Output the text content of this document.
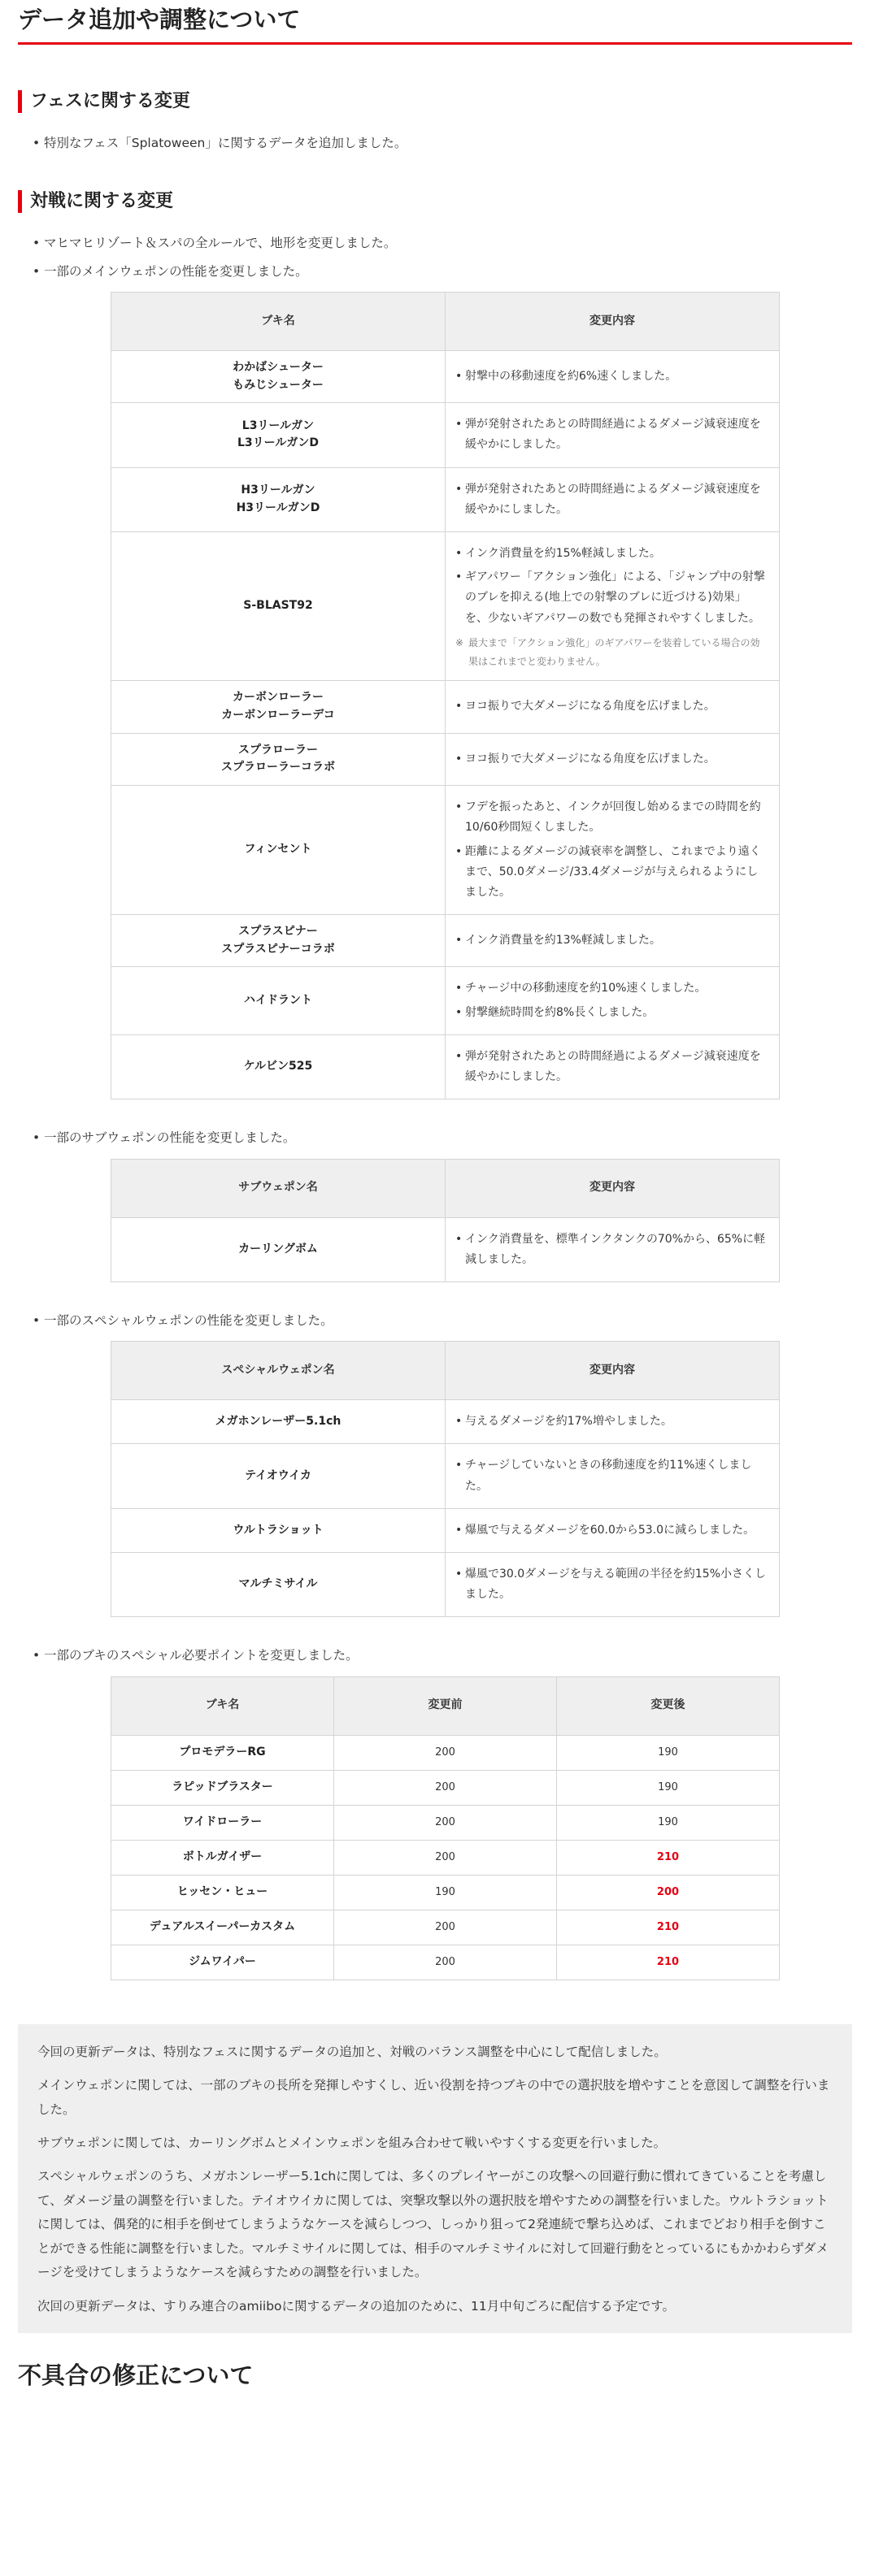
データ追加や調整について
フェスに関する変更
• 特別なフェス「Splatoween」に関するデータを追加しました。
対戦に関する変更
• マヒマヒリゾート＆スパの全ルールで、地形を変更しました。
• 一部のメインウェポンの性能を変更しました。
ブキ名	変更内容

わかばシューター
もみじシューター	• 射撃中の移動速度を約6%速くしました。

L3リールガン
L3リールガンD	• 弾が発射されたあとの時間経過によるダメージ減衰速度を緩やかにしました。

H3リールガン
H3リールガンD	• 弾が発射されたあとの時間経過によるダメージ減衰速度を緩やかにしました。

S-BLAST92	• インク消費量を約15%軽減しました。
• ギアパワー「アクション強化」による、「ジャンプ中の射撃のブレを抑える(地上での射撃のブレに近づける)効果」を、少ないギアパワーの数でも発揮されやすくしました。
※ 最大まで「アクション強化」のギアパワーを装着している場合の効果はこれまでと変わりません。

カーボンローラー
カーボンローラーデコ	• ヨコ振りで大ダメージになる角度を広げました。

スプラローラー
スプラローラーコラボ	• ヨコ振りで大ダメージになる角度を広げました。

フィンセント	• フデを振ったあと、インクが回復し始めるまでの時間を約10/60秒間短くしました。
• 距離によるダメージの減衰率を調整し、これまでより遠くまで、50.0ダメージ/33.4ダメージが与えられるようにしました。

スプラスピナー
スプラスピナーコラボ	• インク消費量を約13%軽減しました。

ハイドラント	• チャージ中の移動速度を約10%速くしました。
• 射撃継続時間を約8%長くしました。

ケルビン525	• 弾が発射されたあとの時間経過によるダメージ減衰速度を緩やかにしました。
• 一部のサブウェポンの性能を変更しました。
サブウェポン名	変更内容

カーリングボム	• インク消費量を、標準インクタンクの70%から、65%に軽減しました。
• 一部のスペシャルウェポンの性能を変更しました。
スペシャルウェポン名	変更内容

メガホンレーザー5.1ch	• 与えるダメージを約17%増やしました。

テイオウイカ	• チャージしていないときの移動速度を約11%速くしました。

ウルトラショット	• 爆風で与えるダメージを60.0から53.0に減らしました。

マルチミサイル	• 爆風で30.0ダメージを与える範囲の半径を約15%小さくしました。
• 一部のブキのスペシャル必要ポイントを変更しました。
ブキ名	変更前	変更後
プロモデラーRG	200	190
ラピッドブラスター	200	190
ワイドローラー	200	190
ボトルガイザー	200	210
ヒッセン・ヒュー	190	200
デュアルスイーパーカスタム	200	210
ジムワイパー	200	210

今回の更新データは、特別なフェスに関するデータの追加と、対戦のバランス調整を中心にして配信しました。

メインウェポンに関しては、一部のブキの長所を発揮しやすくし、近い役割を持つブキの中での選択肢を増やすことを意図して調整を行いました。

サブウェポンに関しては、カーリングボムとメインウェポンを組み合わせて戦いやすくする変更を行いました。

スペシャルウェポンのうち、メガホンレーザー5.1chに関しては、多くのプレイヤーがこの攻撃への回避行動に慣れてきていることを考慮して、ダメージ量の調整を行いました。テイオウイカに関しては、突撃攻撃以外の選択肢を増やすための調整を行いました。ウルトラショットに関しては、偶発的に相手を倒せてしまうようなケースを減らしつつ、しっかり狙って2発連続で撃ち込めば、これまでどおり相手を倒すことができる性能に調整を行いました。マルチミサイルに関しては、相手のマルチミサイルに対して回避行動をとっているにもかかわらずダメージを受けてしまうようなケースを減らすための調整を行いました。

次回の更新データは、すりみ連合のamiiboに関するデータの追加のために、11月中旬ごろに配信する予定です。

不具合の修正について
